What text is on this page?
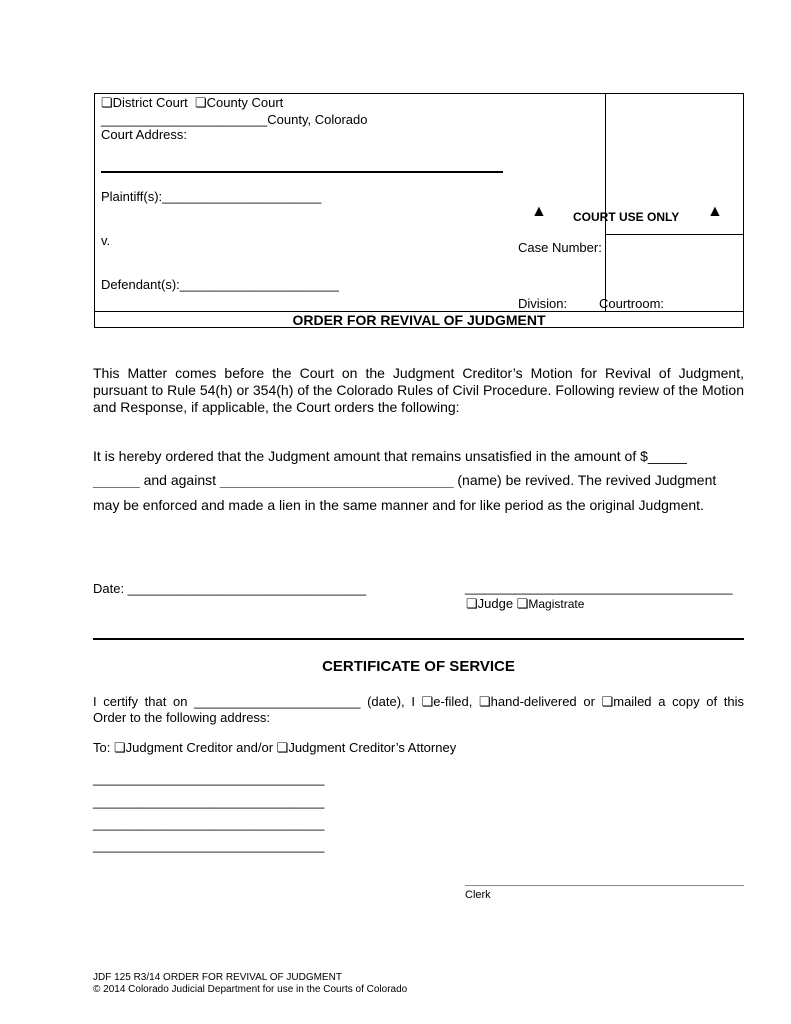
❏District Court ❏County Court
_______________________County, Colorado
Court Address:
Plaintiff(s):______________________
v.
Defendant(s):______________________
▲ COURT USE ONLY ▲
Case Number:
Division: Courtroom:
ORDER FOR REVIVAL OF JUDGMENT
This Matter comes before the Court on the Judgment Creditor’s Motion for Revival of Judgment, pursuant to Rule 54(h) or 354(h) of the Colorado Rules of Civil Procedure. Following review of the Motion and Response, if applicable, the Court orders the following:
It is hereby ordered that the Judgment amount that remains unsatisfied in the amount of $_____
______ and against ______________________________ (name) be revived. The revived Judgment
may be enforced and made a lien in the same manner and for like period as the original Judgment.
Date: _________________________________	_____________________________________
❏Judge ❏Magistrate
CERTIFICATE OF SERVICE
I certify that on _______________________ (date), I ❏e-filed, ❏hand-delivered or ❏mailed a copy of this
Order to the following address:
To: ❏Judgment Creditor and/or ❏Judgment Creditor’s Attorney
________________________________
________________________________
________________________________
________________________________
Clerk
JDF 125 R3/14 ORDER FOR REVIVAL OF JUDGMENT
© 2014 Colorado Judicial Department for use in the Courts of Colorado
